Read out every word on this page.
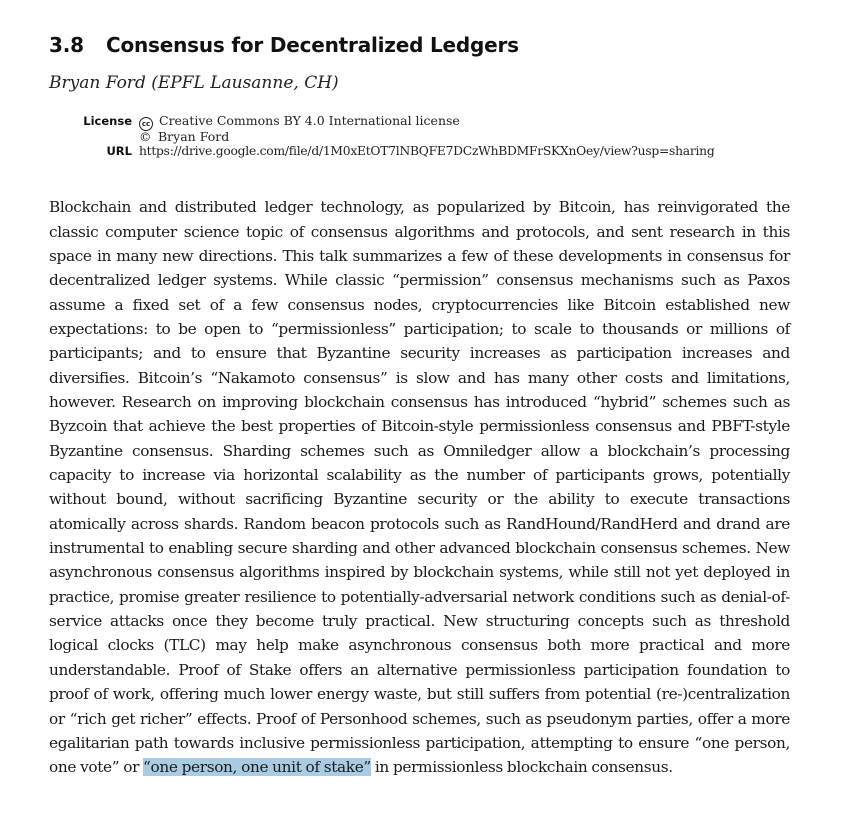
3.8 Consensus for Decentralized Ledgers
Bryan Ford (EPFL Lausanne, CH)
License	cc Creative Commons BY 4.0 International license
© Bryan Ford
URL https://drive.google.com/file/d/1M0xEtOT7lNBQFE7DCzWhBDMFrSKXnOey/view?usp=sharing

Blockchain and distributed ledger technology, as popularized by Bitcoin, has reinvigorated the classic computer science topic of consensus algorithms and protocols, and sent research in this space in many new directions. This talk summarizes a few of these developments in consensus for decentralized ledger systems. While classic “permission” consensus mechanisms such as Paxos assume a fixed set of a few consensus nodes, cryptocurrencies like Bitcoin established new expectations: to be open to “permissionless” participation; to scale to thousands or millions of participants; and to ensure that Byzantine security increases as participation increases and diversifies. Bitcoin’s “Nakamoto consensus” is slow and has many other costs and limitations, however. Research on improving blockchain consensus has introduced “hybrid” schemes such as Byzcoin that achieve the best properties of Bitcoin-style permissionless consensus and PBFT-style Byzantine consensus. Sharding schemes such as Omniledger allow a blockchain’s processing capacity to increase via horizontal scalability as the number of participants grows, potentially without bound, without sacrificing Byzantine security or the ability to execute transactions atomically across shards. Random beacon protocols such as RandHound/RandHerd and drand are instrumental to enabling secure sharding and other advanced blockchain consensus schemes. New asynchronous consensus algorithms inspired by blockchain systems, while still not yet deployed in practice, promise greater resilience to potentially-adversarial network conditions such as denial-of-service attacks once they become truly practical. New structuring concepts such as threshold logical clocks (TLC) may help make asynchronous consensus both more practical and more understandable. Proof of Stake offers an alternative permissionless participation foundation to proof of work, offering much lower energy waste, but still suffers from potential (re-)centralization or “rich get richer” effects. Proof of Personhood schemes, such as pseudonym parties, offer a more egalitarian path towards inclusive permissionless participation, attempting to ensure “one person, one vote” or “one person, one unit of stake” in permissionless blockchain consensus.
